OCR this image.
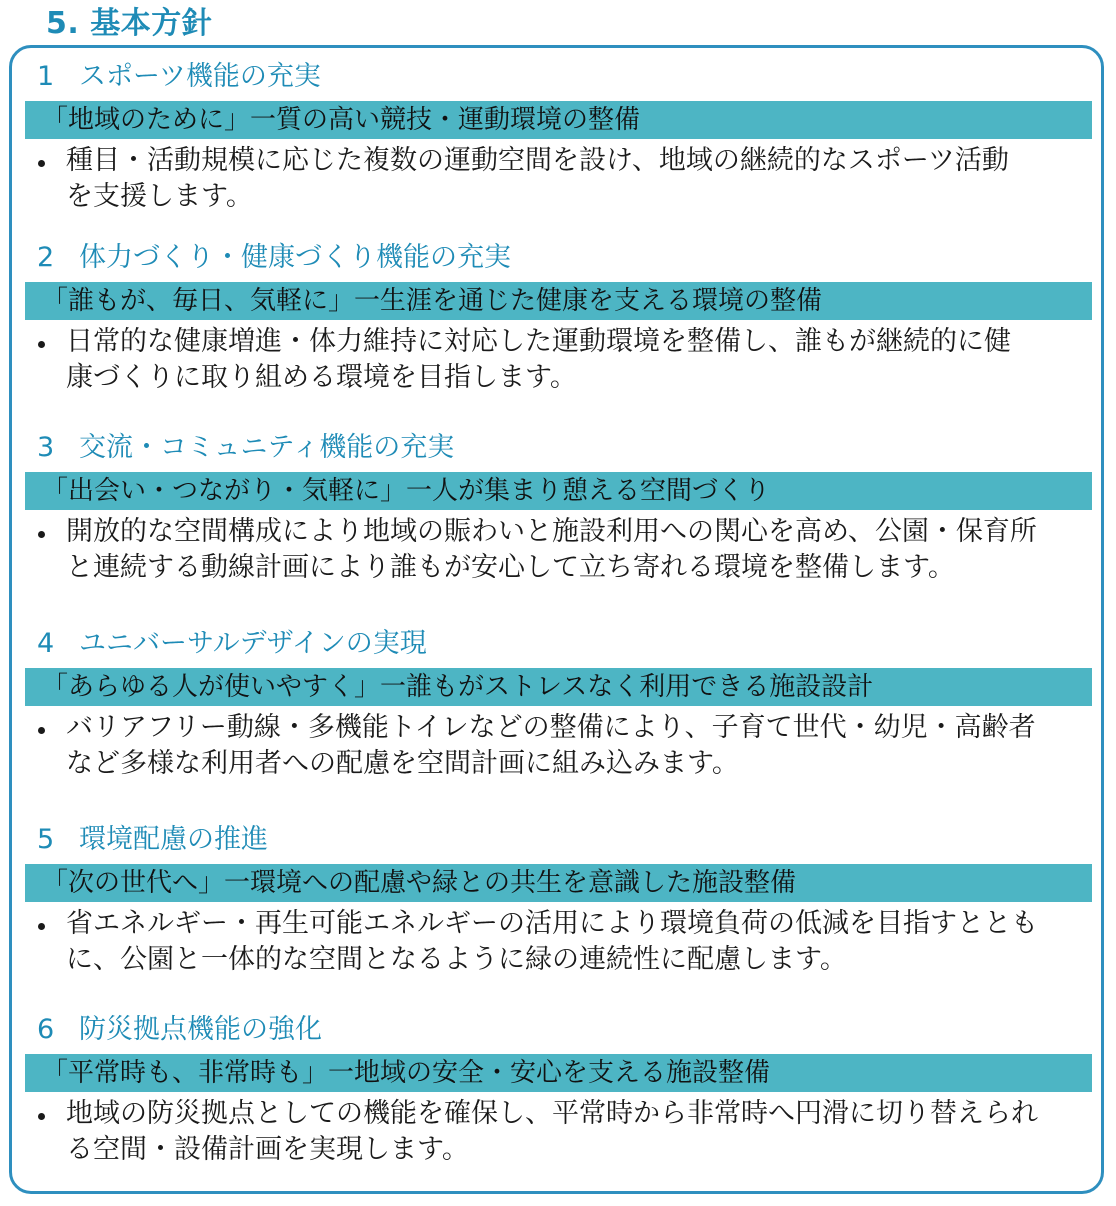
5. 基本方針
1 スポーツ機能の充実
「地域のために」一質の高い競技・運動環境の整備
種目・活動規模に応じた複数の運動空間を設け、地域の継続的なスポーツ活動
を支援します。
2 体力づくり・健康づくり機能の充実
「誰もが、毎日、気軽に」一生涯を通じた健康を支える環境の整備
日常的な健康増進・体力維持に対応した運動環境を整備し、誰もが継続的に健
康づくりに取り組める環境を目指します。
3 交流・コミュニティ機能の充実
「出会い・つながり・気軽に」一人が集まり憩える空間づくり
開放的な空間構成により地域の賑わいと施設利用への関心を高め、公園・保育所
と連続する動線計画により誰もが安心して立ち寄れる環境を整備します。
4 ユニバーサルデザインの実現
「あらゆる人が使いやすく」一誰もがストレスなく利用できる施設設計
バリアフリー動線・多機能トイレなどの整備により、子育て世代・幼児・高齢者
など多様な利用者への配慮を空間計画に組み込みます。
5 環境配慮の推進
「次の世代へ」一環境への配慮や緑との共生を意識した施設整備
省エネルギー・再生可能エネルギーの活用により環境負荷の低減を目指すととも
に、公園と一体的な空間となるように緑の連続性に配慮します。
6 防災拠点機能の強化
「平常時も、非常時も」一地域の安全・安心を支える施設整備
地域の防災拠点としての機能を確保し、平常時から非常時へ円滑に切り替えられ
る空間・設備計画を実現します。
